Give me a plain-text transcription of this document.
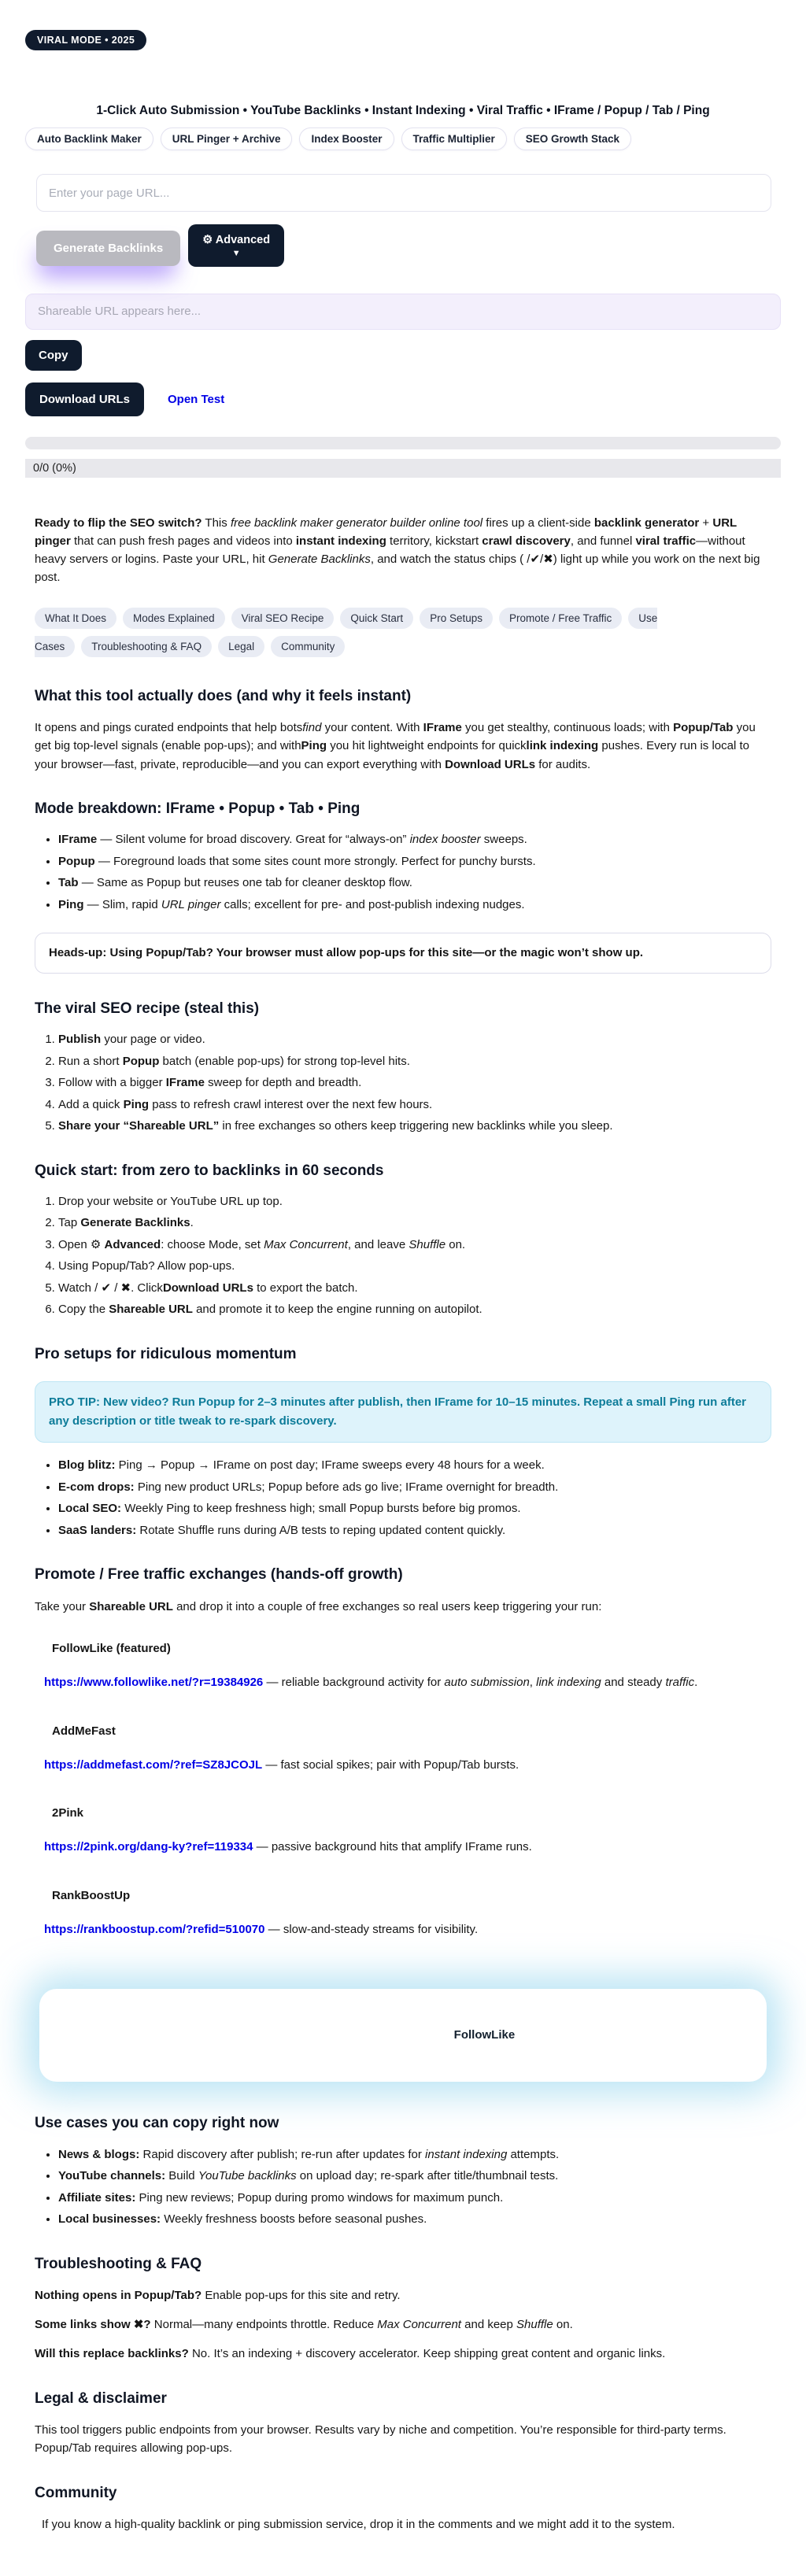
VIRAL MODE • 2025
1-Click Auto Submission • YouTube Backlinks • Instant Indexing • Viral Traffic • IFrame / Popup / Tab / Ping
Auto Backlink Maker	URL Pinger + Archive	Index Booster	Traffic Multiplier	SEO Growth Stack
Enter your page URL...
Generate Backlinks
⚙ Advanced
▼
Shareable URL appears here...
Copy
Download URLs	Open Test
0/0 (0%)

Ready to flip the SEO switch? This free backlink maker generator builder online tool fires up a client-side backlink generator + URL pinger that can push fresh pages and videos into instant indexing territory, kickstart crawl discovery, and funnel viral traffic—without heavy servers or logins. Paste your URL, hit Generate Backlinks, and watch the status chips ( /✔/✖) light up while you work on the next big post.

What It Does	Modes Explained	Viral SEO Recipe	Quick Start	Pro Setups	Promote / Free Traffic	Use Cases	Troubleshooting & FAQ	Legal	Community
What this tool actually does (and why it feels instant)

It opens and pings curated endpoints that help botsfind your content. With IFrame you get stealthy, continuous loads; with Popup/Tab you get big top-level signals (enable pop-ups); and withPing you hit lightweight endpoints for quicklink indexing pushes. Every run is local to your browser—fast, private, reproducible—and you can export everything with Download URLs for audits.

Mode breakdown: IFrame • Popup • Tab • Ping
• IFrame — Silent volume for broad discovery. Great for “always-on” index booster sweeps.
• Popup — Foreground loads that some sites count more strongly. Perfect for punchy bursts.
• Tab — Same as Popup but reuses one tab for cleaner desktop flow.
• Ping — Slim, rapid URL pinger calls; excellent for pre- and post-publish indexing nudges.
Heads-up: Using Popup/Tab? Your browser must allow pop-ups for this site—or the magic won’t show up.
The viral SEO recipe (steal this)
1. Publish your page or video.
2. Run a short Popup batch (enable pop-ups) for strong top-level hits.
3. Follow with a bigger IFrame sweep for depth and breadth.
4. Add a quick Ping pass to refresh crawl interest over the next few hours.
5. Share your “Shareable URL” in free exchanges so others keep triggering new backlinks while you sleep.
Quick start: from zero to backlinks in 60 seconds
1. Drop your website or YouTube URL up top.
2. Tap Generate Backlinks.
3. Open ⚙ Advanced: choose Mode, set Max Concurrent, and leave Shuffle on.
4. Using Popup/Tab? Allow pop-ups.
5. Watch / ✔ / ✖. ClickDownload URLs to export the batch.
6. Copy the Shareable URL and promote it to keep the engine running on autopilot.
Pro setups for ridiculous momentum
PRO TIP: New video? Run Popup for 2–3 minutes after publish, then IFrame for 10–15 minutes. Repeat a small Ping run after any description or title tweak to re-spark discovery.
• Blog blitz: Ping → Popup → IFrame on post day; IFrame sweeps every 48 hours for a week.
• E-com drops: Ping new product URLs; Popup before ads go live; IFrame overnight for breadth.
• Local SEO: Weekly Ping to keep freshness high; small Popup bursts before big promos.
• SaaS landers: Rotate Shuffle runs during A/B tests to reping updated content quickly.
Promote / Free traffic exchanges (hands-off growth)

Take your Shareable URL and drop it into a couple of free exchanges so real users keep triggering your run:

FollowLike (featured)

https://www.followlike.net/?r=19384926 — reliable background activity for auto submission, link indexing and steady traffic.

AddMeFast

https://addmefast.com/?ref=SZ8JCOJL — fast social spikes; pair with Popup/Tab bursts.

2Pink

https://2pink.org/dang-ky?ref=119334 — passive background hits that amplify IFrame runs.

RankBoostUp

https://rankboostup.com/?refid=510070 — slow-and-steady streams for visibility.

FollowLike
Use cases you can copy right now
• News & blogs: Rapid discovery after publish; re-run after updates for instant indexing attempts.
• YouTube channels: Build YouTube backlinks on upload day; re-spark after title/thumbnail tests.
• Affiliate sites: Ping new reviews; Popup during promo windows for maximum punch.
• Local businesses: Weekly freshness boosts before seasonal pushes.
Troubleshooting & FAQ

Nothing opens in Popup/Tab? Enable pop-ups for this site and retry.

Some links show ✖? Normal—many endpoints throttle. Reduce Max Concurrent and keep Shuffle on.

Will this replace backlinks? No. It’s an indexing + discovery accelerator. Keep shipping great content and organic links.

Legal & disclaimer

This tool triggers public endpoints from your browser. Results vary by niche and competition. You’re responsible for third-party terms. Popup/Tab requires allowing pop-ups.

Community

If you know a high-quality backlink or ping submission service, drop it in the comments and we might add it to the system.
